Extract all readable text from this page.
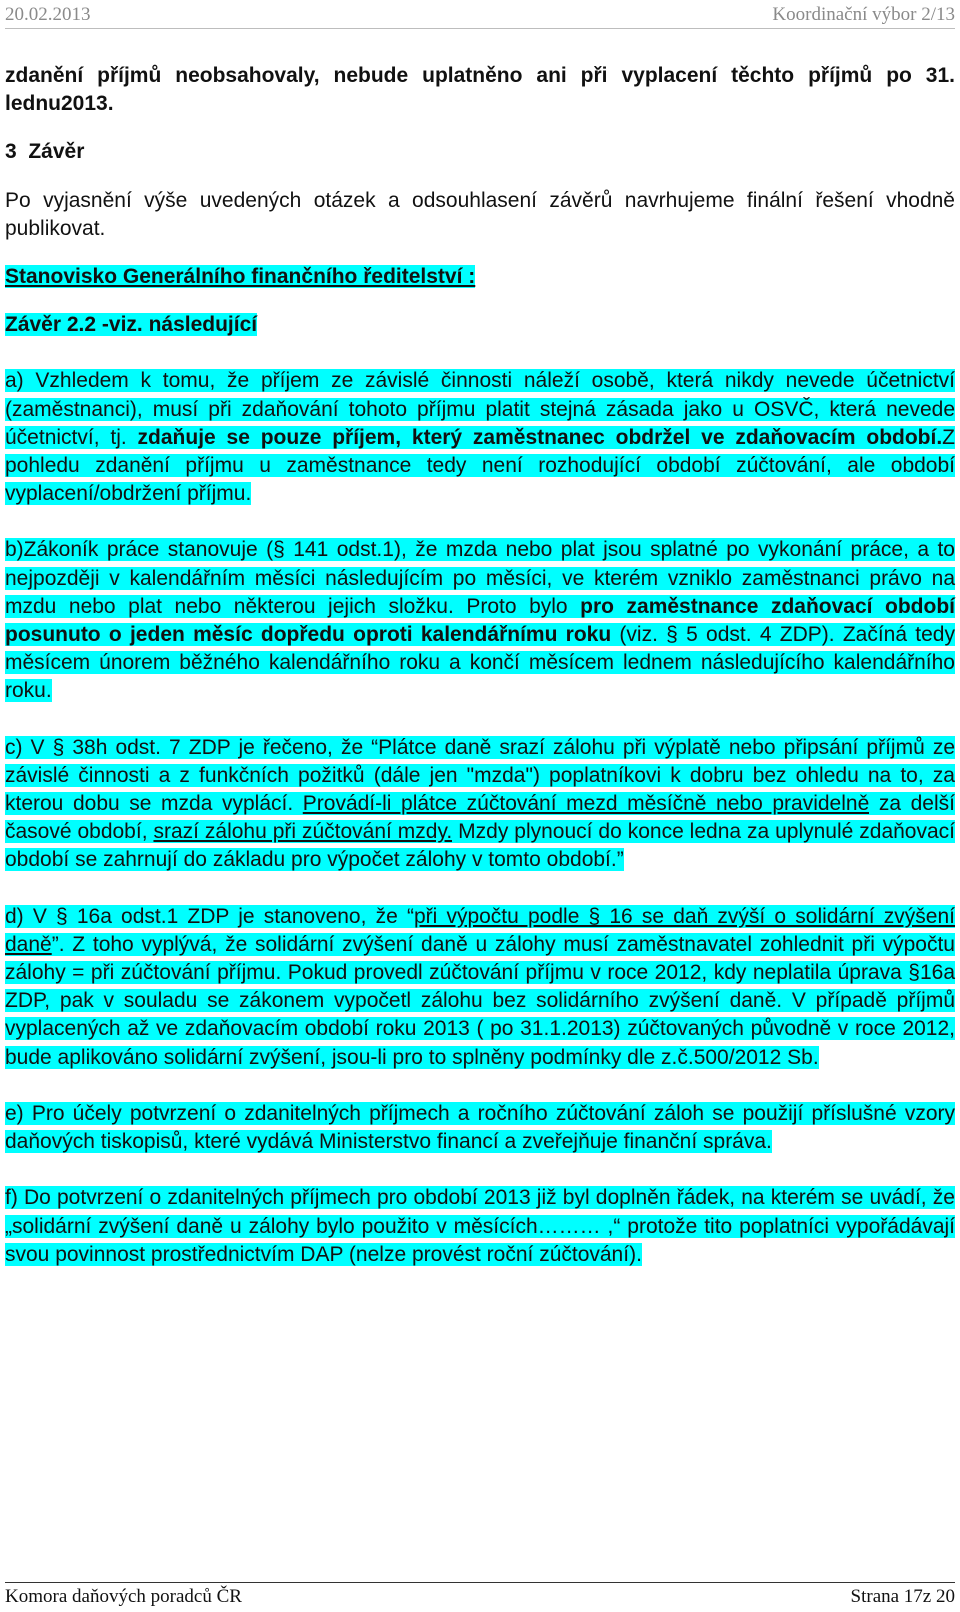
20.02.2013	Koordinační výbor 2/13

zdanění příjmů neobsahovaly, nebude uplatněno ani při vyplacení těchto příjmů po 31. lednu2013.

3  Závěr

Po vyjasnění výše uvedených otázek a odsouhlasení závěrů navrhujeme finální řešení vhodně publikovat.

Stanovisko Generálního finančního ředitelství :

Závěr 2.2 -viz. následující

a) Vzhledem k tomu, že příjem ze závislé činnosti náleží osobě, která nikdy nevede účetnictví (zaměstnanci), musí při zdaňování tohoto příjmu platit stejná zásada jako u OSVČ, která nevede účetnictví, tj. zdaňuje se pouze příjem, který zaměstnanec obdržel ve zdaňovacím období.Z pohledu zdanění příjmu u zaměstnance tedy není rozhodující období zúčtování, ale období vyplacení/obdržení příjmu.

b)Zákoník práce stanovuje (§ 141 odst.1), že mzda nebo plat jsou splatné po vykonání práce, a to nejpozději v kalendářním měsíci následujícím po měsíci, ve kterém vzniklo zaměstnanci právo na mzdu nebo plat nebo některou jejich složku. Proto bylo pro zaměstnance zdaňovací období posunuto o jeden měsíc dopředu oproti kalendářnímu roku (viz. § 5 odst. 4 ZDP). Začíná tedy měsícem únorem běžného kalendářního roku a končí měsícem lednem následujícího kalendářního roku.

c) V § 38h odst. 7 ZDP je řečeno, že “Plátce daně srazí zálohu při výplatě nebo připsání příjmů ze závislé činnosti a z funkčních požitků (dále jen "mzda") poplatníkovi k dobru bez ohledu na to, za kterou dobu se mzda vyplácí. Provádí-li plátce zúčtování mezd měsíčně nebo pravidelně za delší časové období, srazí zálohu při zúčtování mzdy. Mzdy plynoucí do konce ledna za uplynulé zdaňovací období se zahrnují do základu pro výpočet zálohy v tomto období.”

d) V § 16a odst.1 ZDP je stanoveno, že “při výpočtu podle § 16 se daň zvýší o solidární zvýšení daně”. Z toho vyplývá, že solidární zvýšení daně u zálohy musí zaměstnavatel zohlednit při výpočtu zálohy = při zúčtování příjmu. Pokud provedl zúčtování příjmu v roce 2012, kdy neplatila úprava §16a ZDP, pak v souladu se zákonem vypočetl zálohu bez solidárního zvýšení daně. V případě příjmů vyplacených až ve zdaňovacím období roku 2013 ( po 31.1.2013) zúčtovaných původně v roce 2012, bude aplikováno solidární zvýšení, jsou-li pro to splněny podmínky dle z.č.500/2012 Sb.

e) Pro účely potvrzení o zdanitelných příjmech a ročního zúčtování záloh se použijí příslušné vzory daňových tiskopisů, které vydává Ministerstvo financí a zveřejňuje finanční správa.

f) Do potvrzení o zdanitelných příjmech pro období 2013 již byl doplněn řádek, na kterém se uvádí, že „solidární zvýšení daně u zálohy bylo použito v měsících……… ,“ protože tito poplatníci vypořádávají svou povinnost prostřednictvím DAP (nelze provést roční zúčtování).

Komora daňových poradců ČR	Strana 17z 20
